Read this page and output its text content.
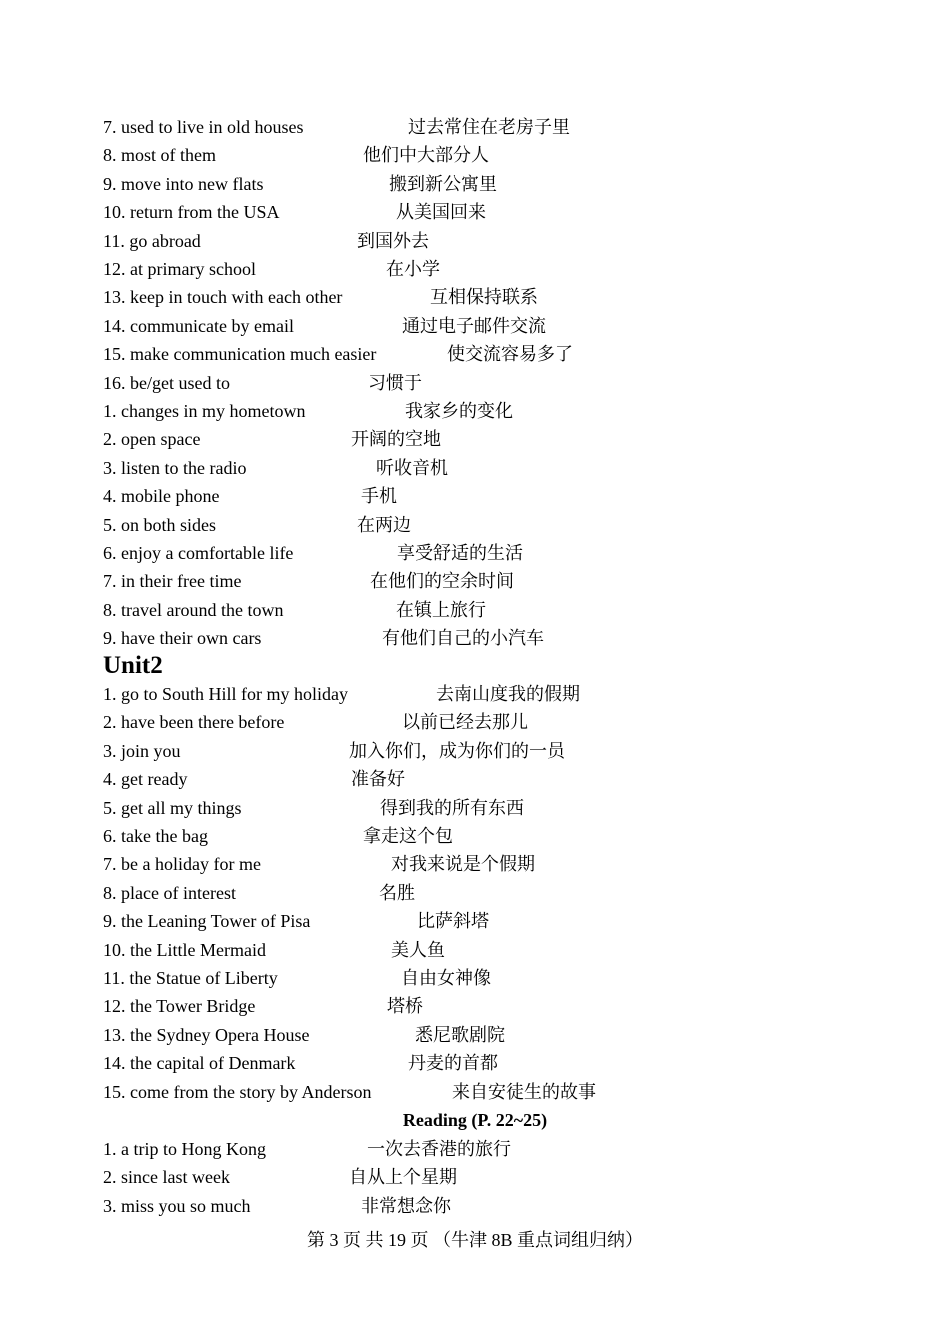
7. used to live in old houses	过去常住在老房子里
8. most of them	他们中大部分人
9. move into new flats	搬到新公寓里
10. return from the USA	从美国回来
11. go abroad	到国外去
12. at primary school	在小学
13. keep in touch with each other	互相保持联系
14. communicate by email	通过电子邮件交流
15. make communication much easier	使交流容易多了
16. be/get used to	习惯于
1. changes in my hometown	我家乡的变化
2. open space	开阔的空地
3. listen to the radio	听收音机
4. mobile phone	手机
5. on both sides	在两边
6. enjoy a comfortable life	享受舒适的生活
7. in their free time	在他们的空余时间
8. travel around the town	在镇上旅行
9. have their own cars	有他们自己的小汽车
Unit2
1. go to South Hill for my holiday	去南山度我的假期
2. have been there before	以前已经去那儿
3. join you	加入你们，成为你们的一员
4. get ready	准备好
5. get all my things	得到我的所有东西
6. take the bag	拿走这个包
7. be a holiday for me	对我来说是个假期
8. place of interest	名胜
9. the Leaning Tower of Pisa	比萨斜塔
10. the Little Mermaid	美人鱼
11. the Statue of Liberty	自由女神像
12. the Tower Bridge	塔桥
13. the Sydney Opera House	悉尼歌剧院
14. the capital of Denmark	丹麦的首都
15. come from the story by Anderson	来自安徒生的故事
Reading (P. 22~25)
1. a trip to Hong Kong	一次去香港的旅行
2. since last week	自从上个星期
3. miss you so much	非常想念你
第 3 页 共 19 页 （牛津 8B 重点词组归纳）
